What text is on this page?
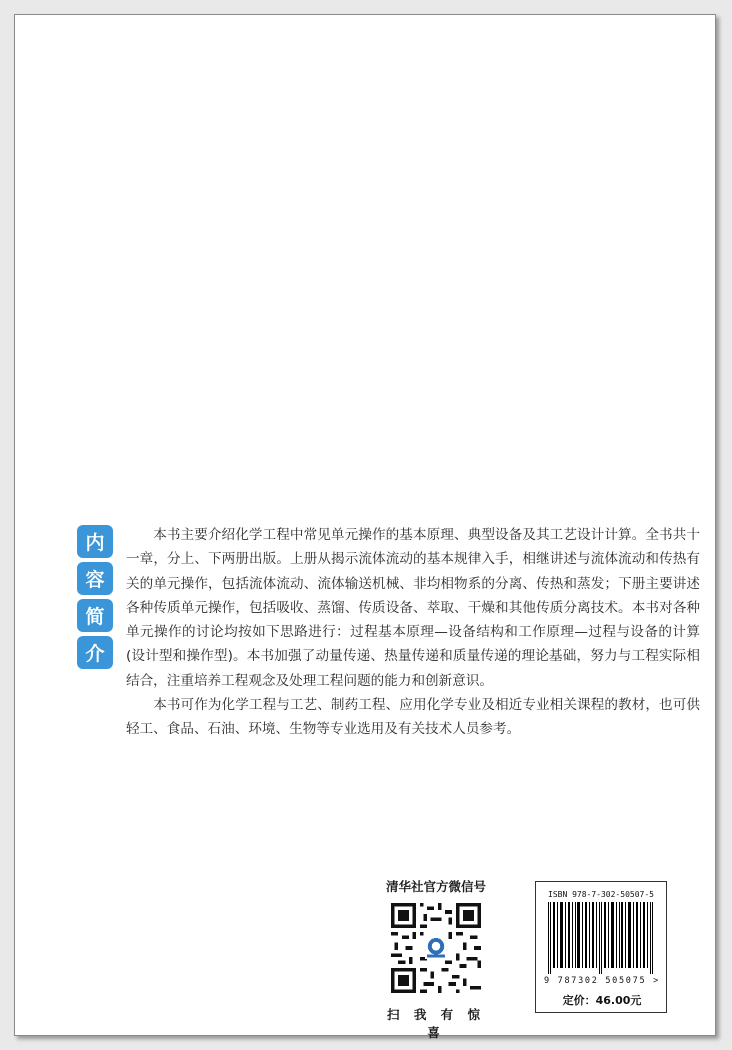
内
容
简
介

本书主要介绍化学工程中常见单元操作的基本原理、典型设备及其工艺设计计算。全书共十一章，分上、下两册出版。上册从揭示流体流动的基本规律入手，相继讲述与流体流动和传热有关的单元操作，包括流体流动、流体输送机械、非均相物系的分离、传热和蒸发；下册主要讲述各种传质单元操作，包括吸收、蒸馏、传质设备、萃取、干燥和其他传质分离技术。本书对各种单元操作的讨论均按如下思路进行：过程基本原理—设备结构和工作原理—过程与设备的计算(设计型和操作型)。本书加强了动量传递、热量传递和质量传递的理论基础，努力与工程实际相结合，注重培养工程观念及处理工程问题的能力和创新意识。

本书可作为化学工程与工艺、制药工程、应用化学专业及相近专业相关课程的教材，也可供轻工、食品、石油、环境、生物等专业选用及有关技术人员参考。

清华社官方微信号
扫 我 有 惊 喜
ISBN 978-7-302-50507-5
9 787302 505075 >
定价：46.00元
